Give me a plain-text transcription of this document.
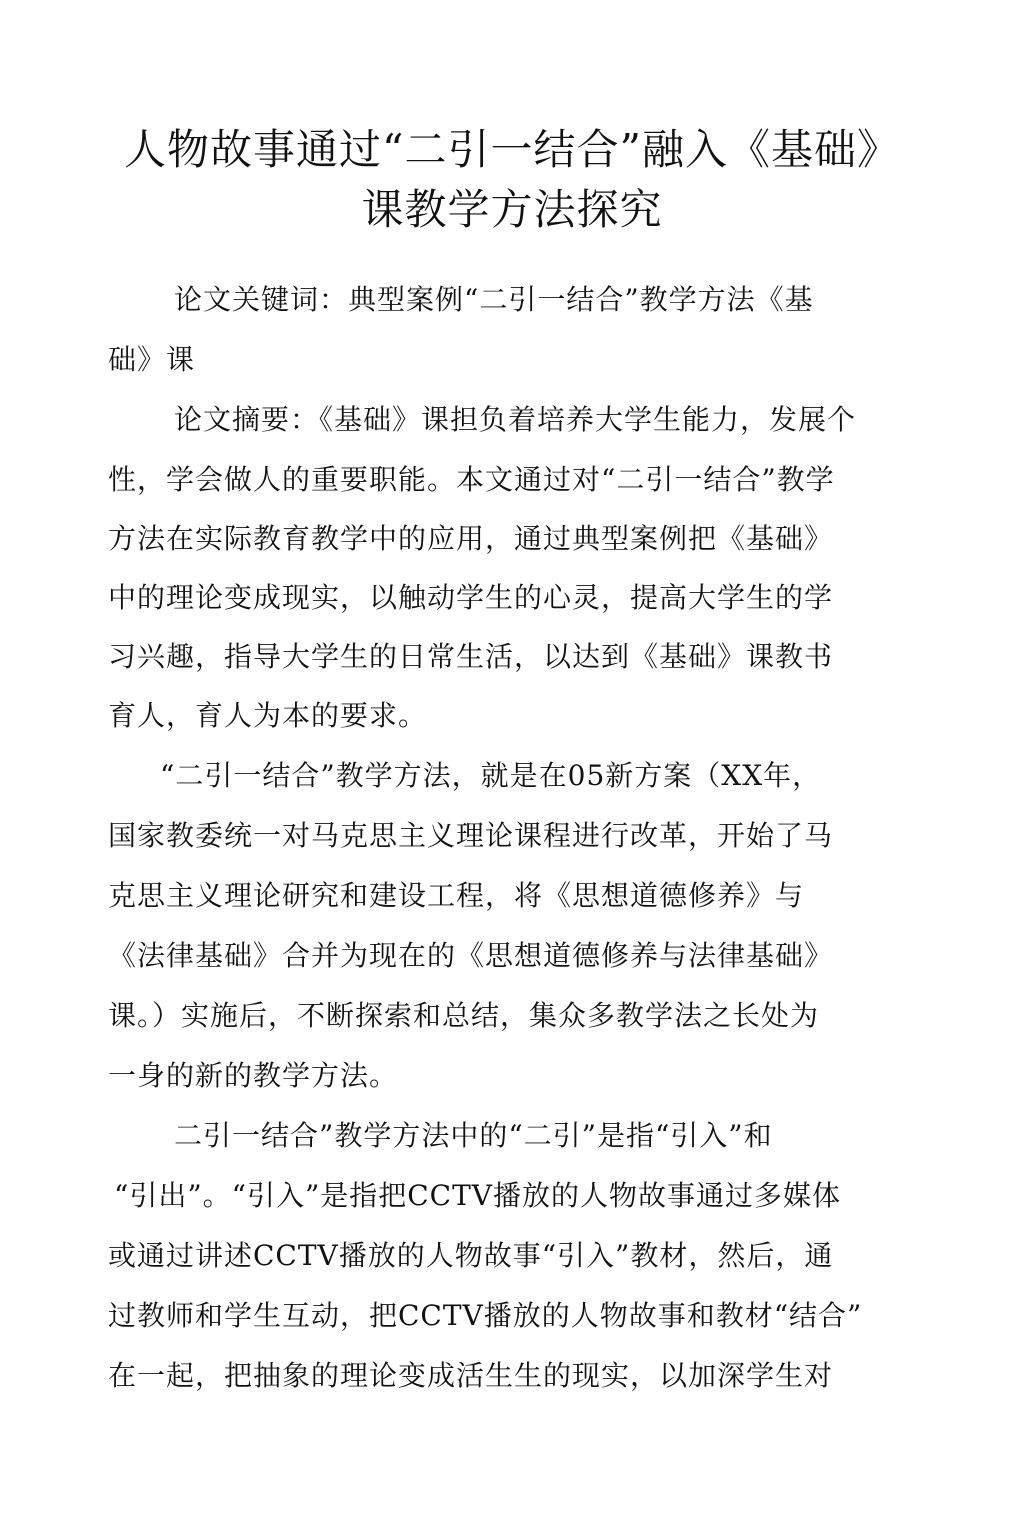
人物故事通过“二引一结合”融入《基础》
课教学方法探究
论文关键词：典型案例“二引一结合”教学方法《基
础》课
论文摘要：《基础》课担负着培养大学生能力，发展个
性，学会做人的重要职能。本文通过对“二引一结合”教学
方法在实际教育教学中的应用，通过典型案例把《基础》
中的理论变成现实，以触动学生的心灵，提高大学生的学
习兴趣，指导大学生的日常生活，以达到《基础》课教书
育人，育人为本的要求。
“二引一结合”教学方法，就是在05新方案（XX年，
国家教委统一对马克思主义理论课程进行改革，开始了马
克思主义理论研究和建设工程，将《思想道德修养》与
《法律基础》合并为现在的《思想道德修养与法律基础》
课。）实施后，不断探索和总结，集众多教学法之长处为
一身的新的教学方法。
二引一结合”教学方法中的“二引”是指“引入”和
“引出”。“引入”是指把CCTV播放的人物故事通过多媒体
或通过讲述CCTV播放的人物故事“引入”教材，然后，通
过教师和学生互动，把CCTV播放的人物故事和教材“结合”
在一起，把抽象的理论变成活生生的现实，以加深学生对
